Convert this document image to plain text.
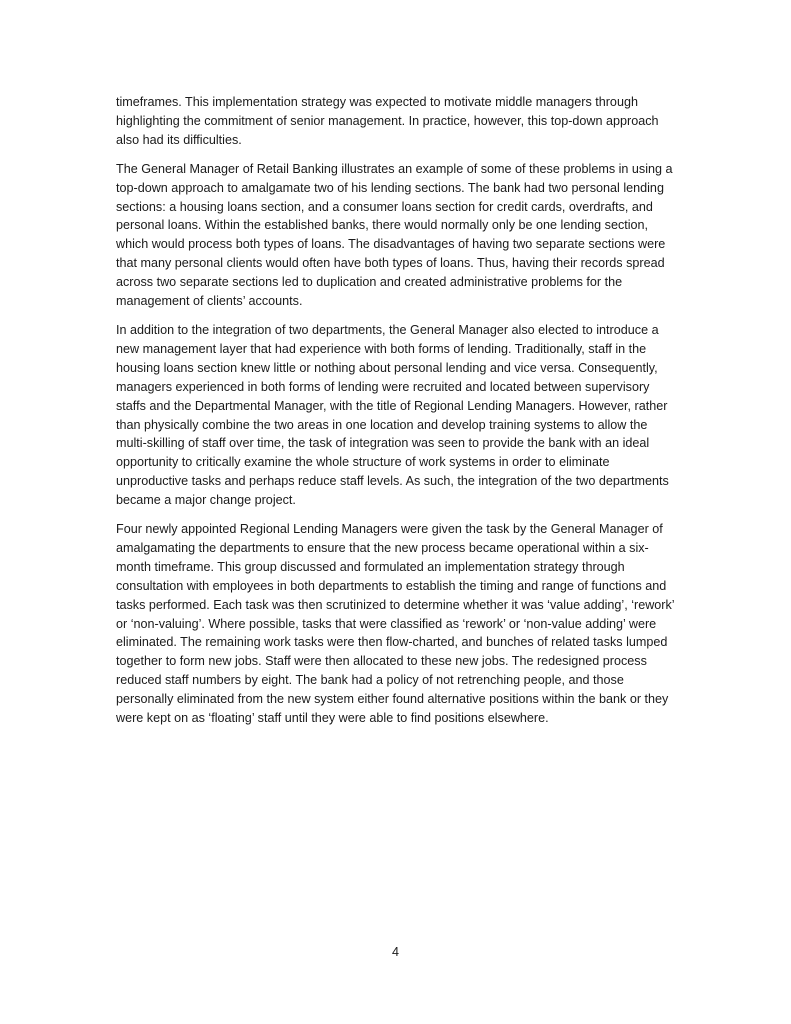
timeframes. This implementation strategy was expected to motivate middle managers through highlighting the commitment of senior management. In practice, however, this top-down approach also had its difficulties.

The General Manager of Retail Banking illustrates an example of some of these problems in using a top-down approach to amalgamate two of his lending sections. The bank had two personal lending sections: a housing loans section, and a consumer loans section for credit cards, overdrafts, and personal loans. Within the established banks, there would normally only be one lending section, which would process both types of loans. The disadvantages of having two separate sections were that many personal clients would often have both types of loans. Thus, having their records spread across two separate sections led to duplication and created administrative problems for the management of clients’ accounts.

In addition to the integration of two departments, the General Manager also elected to introduce a new management layer that had experience with both forms of lending. Traditionally, staff in the housing loans section knew little or nothing about personal lending and vice versa. Consequently, managers experienced in both forms of lending were recruited and located between supervisory staffs and the Departmental Manager, with the title of Regional Lending Managers. However, rather than physically combine the two areas in one location and develop training systems to allow the multi-skilling of staff over time, the task of integration was seen to provide the bank with an ideal opportunity to critically examine the whole structure of work systems in order to eliminate unproductive tasks and perhaps reduce staff levels. As such, the integration of the two departments became a major change project.

Four newly appointed Regional Lending Managers were given the task by the General Manager of amalgamating the departments to ensure that the new process became operational within a six-month timeframe. This group discussed and formulated an implementation strategy through consultation with employees in both departments to establish the timing and range of functions and tasks performed. Each task was then scrutinized to determine whether it was ‘value adding’, ‘rework’ or ‘non-valuing’. Where possible, tasks that were classified as ‘rework’ or ‘non-value adding’ were eliminated. The remaining work tasks were then flow-charted, and bunches of related tasks lumped together to form new jobs. Staff were then allocated to these new jobs. The redesigned process reduced staff numbers by eight. The bank had a policy of not retrenching people, and those personally eliminated from the new system either found alternative positions within the bank or they were kept on as ‘floating’ staff until they were able to find positions elsewhere.

4
